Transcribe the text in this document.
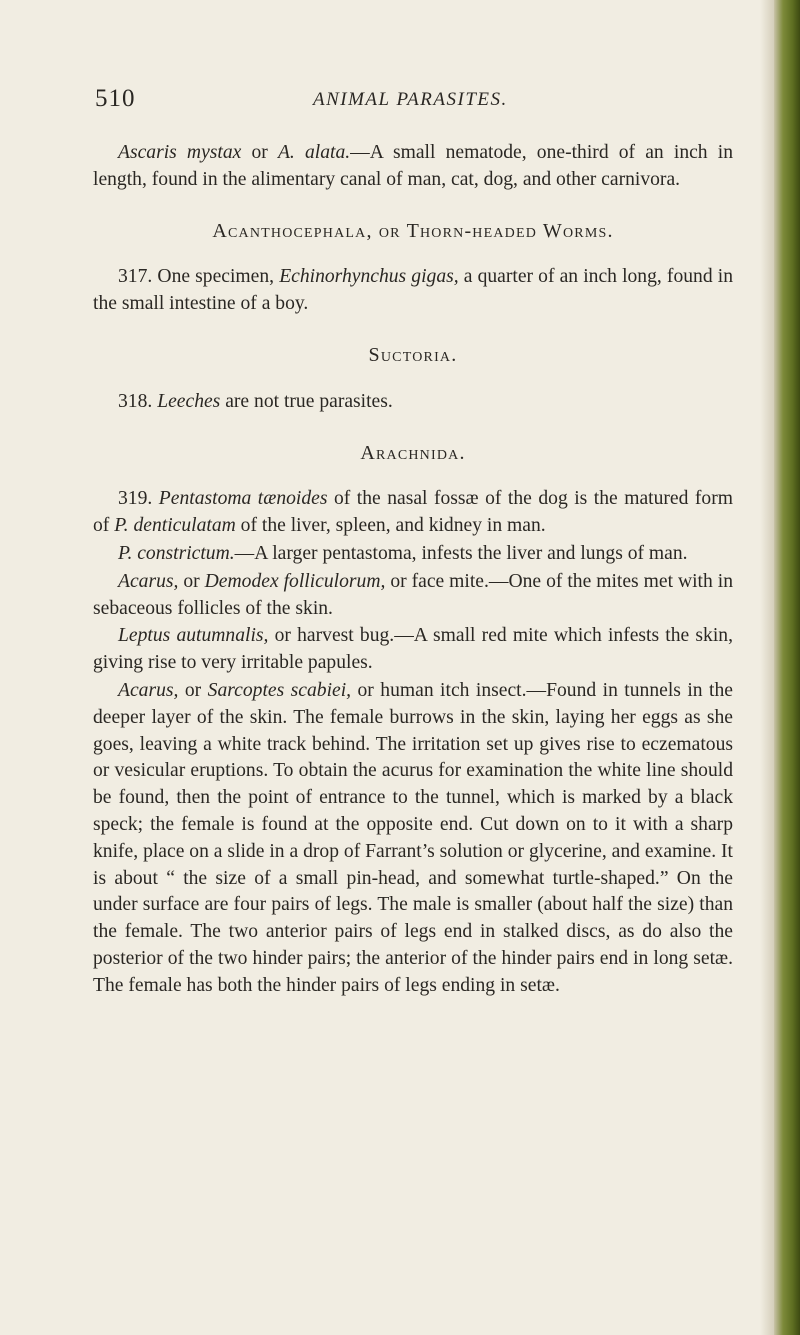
510	ANIMAL PARASITES.

Ascaris mystax or A. alata.—A small nematode, one-third of an inch in length, found in the alimentary canal of man, cat, dog, and other carnivora.

Acanthocephala, or Thorn-headed Worms.

317. One specimen, Echinorhynchus gigas, a quarter of an inch long, found in the small intestine of a boy.

Suctoria.

318. Leeches are not true parasites.

Arachnida.

319. Pentastoma tænoides of the nasal fossæ of the dog is the matured form of P. denticulatam of the liver, spleen, and kidney in man.

P. constrictum.—A larger pentastoma, infests the liver and lungs of man.

Acarus, or Demodex folliculorum, or face mite.—One of the mites met with in sebaceous follicles of the skin.

Leptus autumnalis, or harvest bug.—A small red mite which infests the skin, giving rise to very irritable papules.

Acarus, or Sarcoptes scabiei, or human itch insect.—Found in tunnels in the deeper layer of the skin. The female burrows in the skin, laying her eggs as she goes, leaving a white track behind. The irritation set up gives rise to eczematous or vesicular eruptions. To obtain the acurus for examination the white line should be found, then the point of entrance to the tunnel, which is marked by a black speck; the female is found at the opposite end. Cut down on to it with a sharp knife, place on a slide in a drop of Farrant’s solution or glycerine, and examine. It is about “ the size of a small pin-head, and somewhat turtle-shaped.” On the under surface are four pairs of legs. The male is smaller (about half the size) than the female. The two anterior pairs of legs end in stalked discs, as do also the posterior of the two hinder pairs; the anterior of the hinder pairs end in long setæ. The female has both the hinder pairs of legs ending in setæ.
